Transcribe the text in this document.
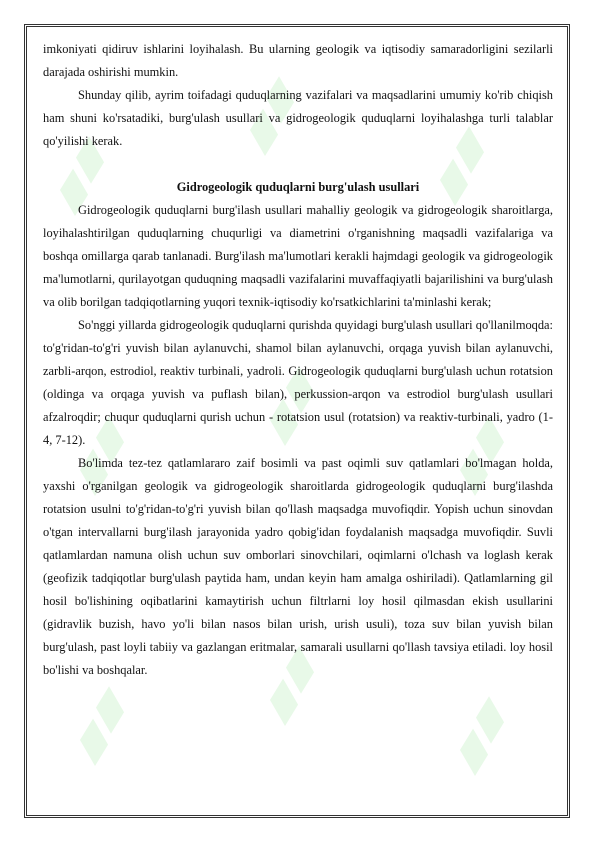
imkoniyati qidiruv ishlarini loyihalash. Bu ularning geologik va iqtisodiy samaradorligini sezilarli darajada oshirishi mumkin.

Shunday qilib, ayrim toifadagi quduqlarning vazifalari va maqsadlarini umumiy ko'rib chiqish ham shuni ko'rsatadiki, burg'ulash usullari va gidrogeologik quduqlarni loyihalashga turli talablar qo'yilishi kerak.

Gidrogeologik quduqlarni burg'ulash usullari

Gidrogeologik quduqlarni burg'ilash usullari mahalliy geologik va gidrogeologik sharoitlarga, loyihalashtirilgan quduqlarning chuqurligi va diametrini o'rganishning maqsadli vazifalariga va boshqa omillarga qarab tanlanadi. Burg'ilash ma'lumotlari kerakli hajmdagi geologik va gidrogeologik ma'lumotlarni, qurilayotgan quduqning maqsadli vazifalarini muvaffaqiyatli bajarilishini va burg'ulash va olib borilgan tadqiqotlarning yuqori texnik-iqtisodiy ko'rsatkichlarini ta'minlashi kerak;

So'nggi yillarda gidrogeologik quduqlarni qurishda quyidagi burg'ulash usullari qo'llanilmoqda: to'g'ridan-to'g'ri yuvish bilan aylanuvchi, shamol bilan aylanuvchi, orqaga yuvish bilan aylanuvchi, zarbli-arqon, estrodiol, reaktiv turbinali, yadroli. Gidrogeologik quduqlarni burg'ulash uchun rotatsion (oldinga va orqaga yuvish va puflash bilan), perkussion-arqon va estrodiol burg'ulash usullari afzalroqdir; chuqur quduqlarni qurish uchun - rotatsion usul (rotatsion) va reaktiv-turbinali, yadro (1-4, 7-12).

Bo'limda tez-tez qatlamlararo zaif bosimli va past oqimli suv qatlamlari bo'lmagan holda, yaxshi o'rganilgan geologik va gidrogeologik sharoitlarda gidrogeologik quduqlarni burg'ilashda rotatsion usulni to'g'ridan-to'g'ri yuvish bilan qo'llash maqsadga muvofiqdir. Yopish uchun sinovdan o'tgan intervallarni burg'ilash jarayonida yadro qobig'idan foydalanish maqsadga muvofiqdir. Suvli qatlamlardan namuna olish uchun suv omborlari sinovchilari, oqimlarni o'lchash va loglash kerak (geofizik tadqiqotlar burg'ulash paytida ham, undan keyin ham amalga oshiriladi). Qatlamlarning gil hosil bo'lishining oqibatlarini kamaytirish uchun filtrlarni loy hosil qilmasdan ekish usullarini (gidravlik buzish, havo yo'li bilan nasos bilan urish, urish usuli), toza suv bilan yuvish bilan burg'ulash, past loyli tabiiy va gazlangan eritmalar, samarali usullarni qo'llash tavsiya etiladi. loy hosil bo'lishi va boshqalar.
